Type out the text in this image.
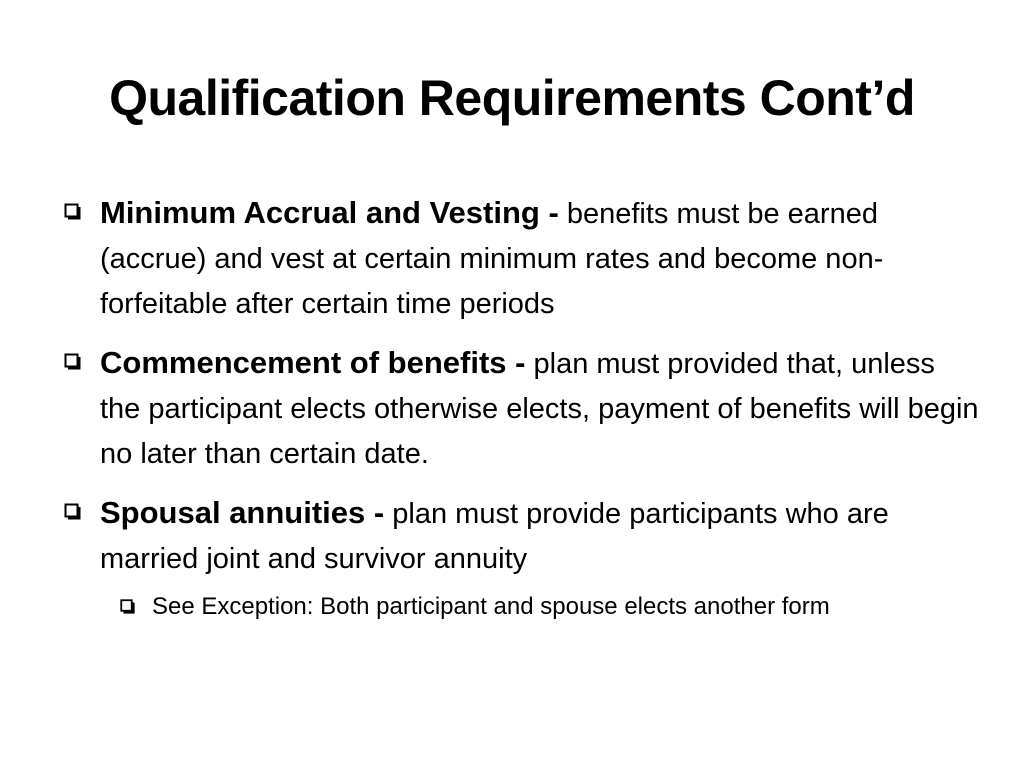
Qualification Requirements Cont’d
Minimum Accrual and Vesting - benefits must be earned (accrue) and vest at certain minimum rates and become non-forfeitable after certain time periods
Commencement of benefits - plan must provided that, unless the participant elects otherwise elects, payment of benefits will begin no later than certain date.
Spousal annuities - plan must provide participants who are married joint and survivor annuity
See Exception: Both participant and spouse elects another form
